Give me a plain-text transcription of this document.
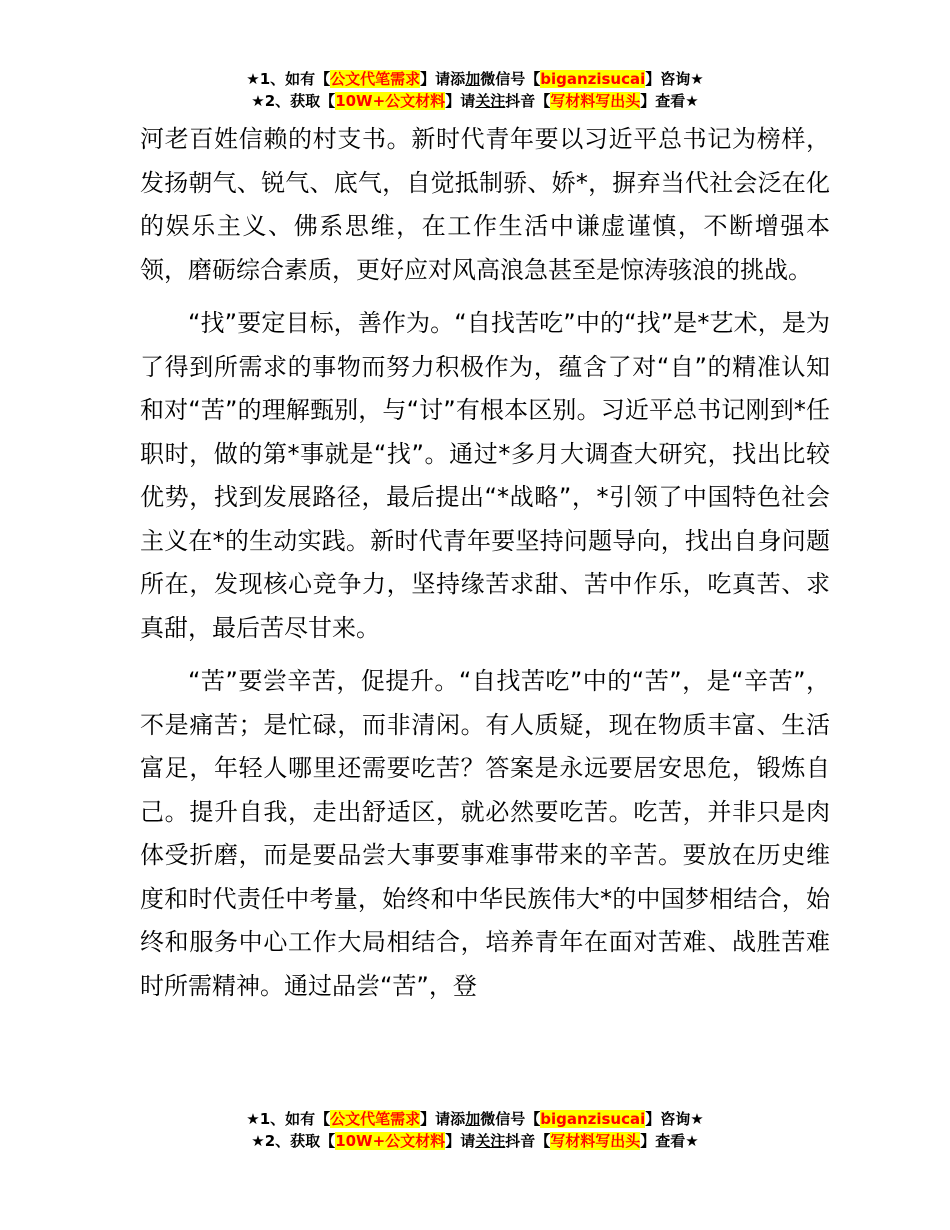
★1、如有【公文代笔需求】请添加微信号【biganzisucai】咨询★
★2、获取【10W+公文材料】请关注抖音【写材料写出头】查看★

河老百姓信赖的村支书。新时代青年要以习近平总书记为榜样，发扬朝气、锐气、底气，自觉抵制骄、娇*，摒弃当代社会泛在化的娱乐主义、佛系思维，在工作生活中谦虚谨慎，不断增强本领，磨砺综合素质，更好应对风高浪急甚至是惊涛骇浪的挑战。

“找”要定目标，善作为。“自找苦吃”中的“找”是*艺术，是为了得到所需求的事物而努力积极作为，蕴含了对“自”的精准认知和对“苦”的理解甄别，与“讨”有根本区别。习近平总书记刚到*任职时，做的第*事就是“找”。通过*多月大调查大研究，找出比较优势，找到发展路径，最后提出“*战略”，*引领了中国特色社会主义在*的生动实践。新时代青年要坚持问题导向，找出自身问题所在，发现核心竞争力，坚持缘苦求甜、苦中作乐，吃真苦、求真甜，最后苦尽甘来。

“苦”要尝辛苦，促提升。“自找苦吃”中的“苦”，是“辛苦”，不是痛苦；是忙碌，而非清闲。有人质疑，现在物质丰富、生活富足，年轻人哪里还需要吃苦？答案是永远要居安思危，锻炼自己。提升自我，走出舒适区，就必然要吃苦。吃苦，并非只是肉体受折磨，而是要品尝大事要事难事带来的辛苦。要放在历史维度和时代责任中考量，始终和中华民族伟大*的中国梦相结合，始终和服务中心工作大局相结合，培养青年在面对苦难、战胜苦难时所需精神。通过品尝“苦”，登

★1、如有【公文代笔需求】请添加微信号【biganzisucai】咨询★
★2、获取【10W+公文材料】请关注抖音【写材料写出头】查看★
